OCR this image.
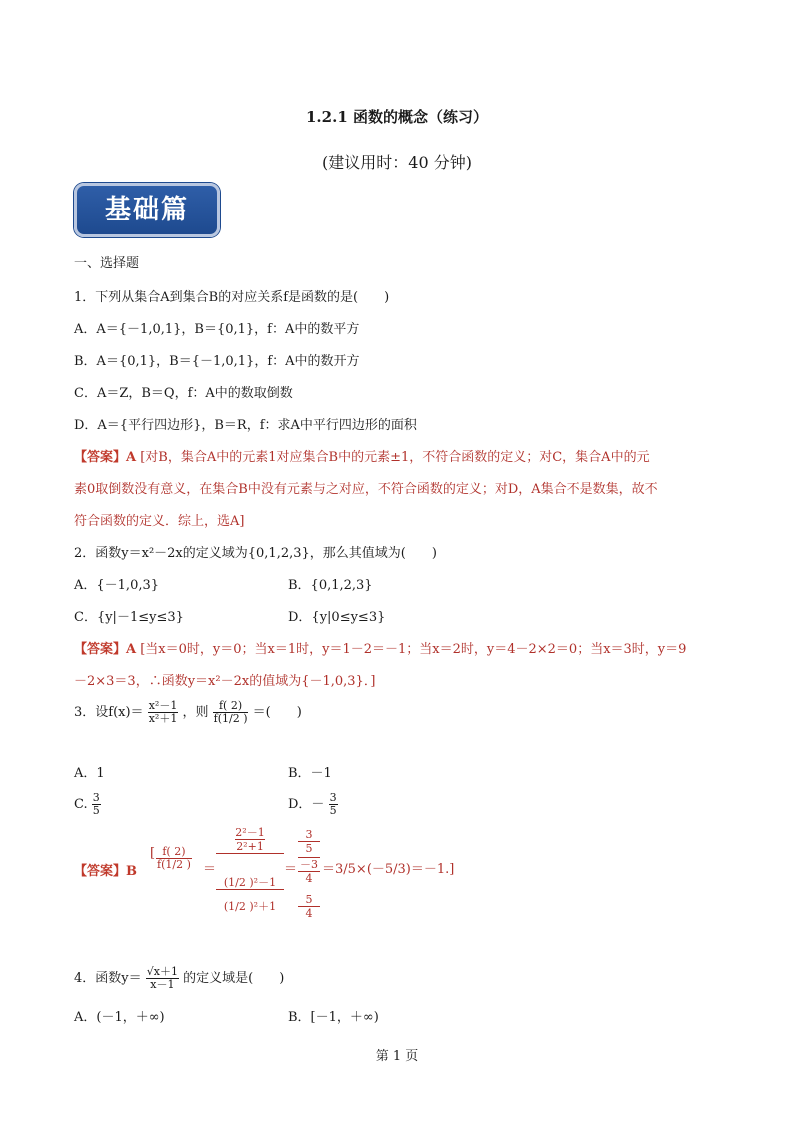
1.2.1 函数的概念（练习）
(建议用时：40 分钟)
基础篇
一、选择题
1．下列从集合A到集合B的对应关系f是函数的是(　　)
A．A＝{－1,0,1}，B＝{0,1}，f：A中的数平方
B．A＝{0,1}，B＝{－1,0,1}，f：A中的数开方
C．A＝Z，B＝Q，f：A中的数取倒数
D．A＝{平行四边形}，B＝R，f：求A中平行四边形的面积
【答案】A [对B，集合A中的元素1对应集合B中的元素±1，不符合函数的定义；对C，集合A中的元
素0取倒数没有意义，在集合B中没有元素与之对应，不符合函数的定义；对D，A集合不是数集，故不
符合函数的定义．综上，选A]
2．函数y＝x²－2x的定义域为{0,1,2,3}，那么其值域为(　　)
A．{－1,0,3}	B．{0,1,2,3}
C．{y|－1≤y≤3}	D．{y|0≤y≤3}
【答案】A [当x＝0时，y＝0；当x＝1时，y＝1－2＝－1；当x＝2时，y＝4－2×2＝0；当x＝3时，y＝9
－2×3＝3，∴函数y＝x²－2x的值域为{－1,0,3}．]
3．设$f(x)= \frac{\text{x²－1}}{\text{x²＋1}}$ ，则 $\frac{f( 2)}{f(1/2 )}$ ＝(　　)
A．1	B．－1
C. $\frac{3}{5}$	D．－ $\frac{3}{5}$
【答案】B
[ $\frac{f( 2)}{f(1/2 )}$ ＝
2²－1
2²+1
(1/2 )²－1
(1/2 )²＋1
＝
3
5
－3
4
5
4
＝3/5×(－5/3)＝－1.]
4．函数$y= \frac{√x+1}{x-1}$ 的定义域是(　　)
A．(－1，＋∞)	B．[－1，＋∞)
第 1 页
